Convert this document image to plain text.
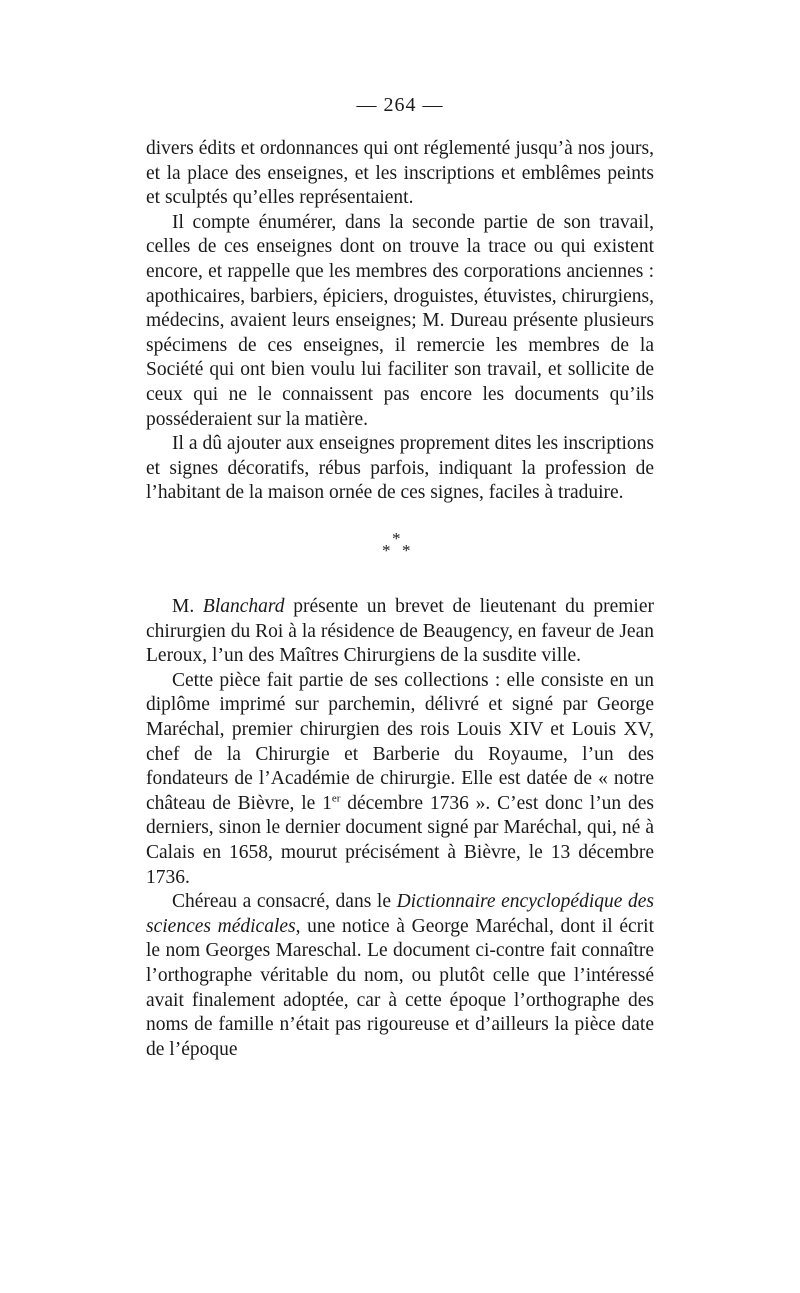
— 264 —

divers édits et ordonnances qui ont réglementé jusqu’à nos jours, et la place des enseignes, et les inscriptions et emblêmes peints et sculptés qu’elles représentaient.

Il compte énumérer, dans la seconde partie de son travail, celles de ces enseignes dont on trouve la trace ou qui existent encore, et rappelle que les membres des corporations anciennes : apothicaires, barbiers, épiciers, droguistes, étuvistes, chirurgiens, médecins, avaient leurs enseignes; M. Dureau présente plusieurs spécimens de ces enseignes, il remercie les membres de la Société qui ont bien voulu lui faciliter son travail, et sollicite de ceux qui ne le connaissent pas encore les documents qu’ils posséderaient sur la matière.

Il a dû ajouter aux enseignes proprement dites les inscriptions et signes décoratifs, rébus parfois, indiquant la profession de l’habitant de la maison ornée de ces signes, faciles à traduire.

*
* *

M. Blanchard présente un brevet de lieutenant du premier chirurgien du Roi à la résidence de Beaugency, en faveur de Jean Leroux, l’un des Maîtres Chirurgiens de la susdite ville.

Cette pièce fait partie de ses collections : elle consiste en un diplôme imprimé sur parchemin, délivré et signé par George Maréchal, premier chirurgien des rois Louis XIV et Louis XV, chef de la Chirurgie et Barberie du Royaume, l’un des fondateurs de l’Académie de chirurgie. Elle est datée de « notre château de Bièvre, le 1er décembre 1736 ». C’est donc l’un des derniers, sinon le dernier document signé par Maréchal, qui, né à Calais en 1658, mourut précisément à Bièvre, le 13 décembre 1736.

Chéreau a consacré, dans le Dictionnaire encyclopédique des sciences médicales, une notice à George Maréchal, dont il écrit le nom Georges Mareschal. Le document ci-contre fait connaître l’orthographe véritable du nom, ou plutôt celle que l’intéressé avait finalement adoptée, car à cette époque l’orthographe des noms de famille n’était pas rigoureuse et d’ailleurs la pièce date de l’époque
